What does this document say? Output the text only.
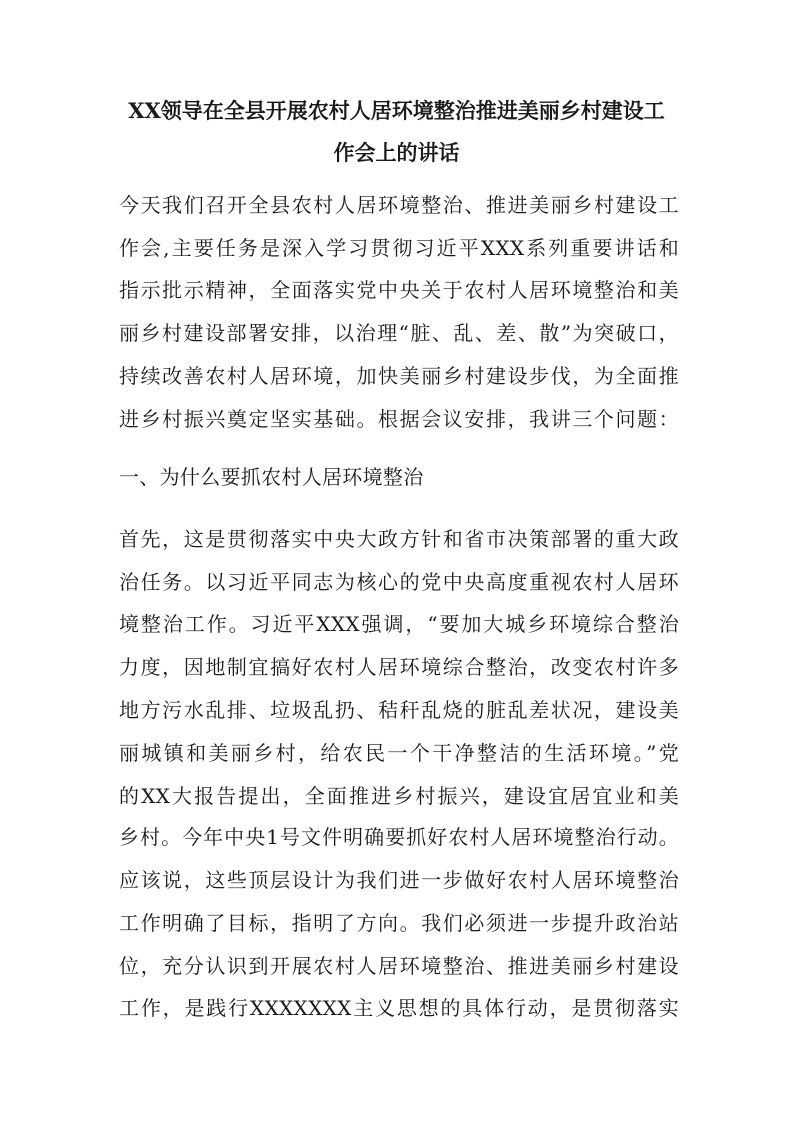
XX领导在全县开展农村人居环境整治推进美丽乡村建设工
作会上的讲话
今天我们召开全县农村人居环境整治、推进美丽乡村建设工
作会,主要任务是深入学习贯彻习近平XXX系列重要讲话和
指示批示精神，全面落实党中央关于农村人居环境整治和美
丽乡村建设部署安排，以治理“脏、乱、差、散”为突破口，
持续改善农村人居环境，加快美丽乡村建设步伐，为全面推
进乡村振兴奠定坚实基础。根据会议安排，我讲三个问题：
一、为什么要抓农村人居环境整治
首先，这是贯彻落实中央大政方针和省市决策部署的重大政
治任务。以习近平同志为核心的党中央高度重视农村人居环
境整治工作。习近平XXX强调，“要加大城乡环境综合整治
力度，因地制宜搞好农村人居环境综合整治，改变农村许多
地方污水乱排、垃圾乱扔、秸秆乱烧的脏乱差状况，建设美
丽城镇和美丽乡村，给农民一个干净整洁的生活环境。”党
的XX大报告提出，全面推进乡村振兴，建设宜居宜业和美
乡村。今年中央1号文件明确要抓好农村人居环境整治行动。
应该说，这些顶层设计为我们进一步做好农村人居环境整治
工作明确了目标，指明了方向。我们必须进一步提升政治站
位，充分认识到开展农村人居环境整治、推进美丽乡村建设
工作，是践行XXXXXXX主义思想的具体行动，是贯彻落实
